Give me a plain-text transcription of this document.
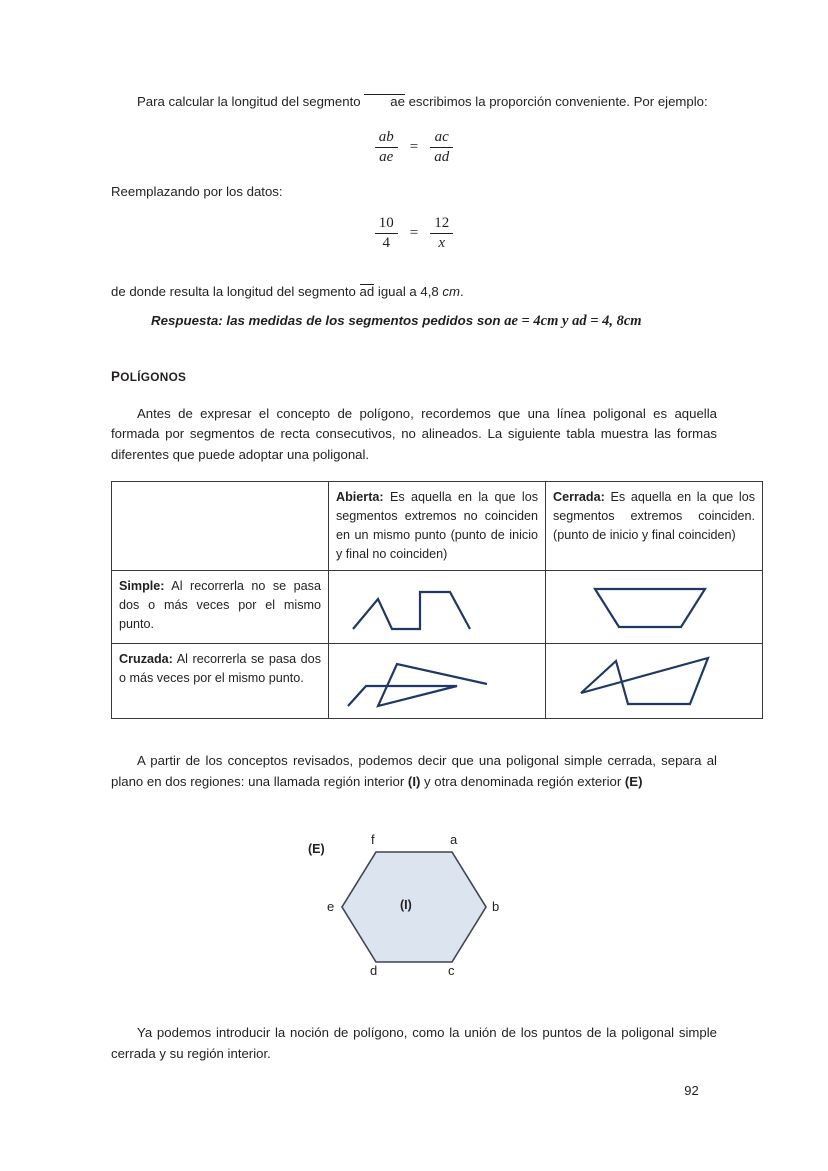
Para calcular la longitud del segmento ae escribimos la proporción conveniente. Por ejemplo:

$\frac{ab}{ae} = \frac{ac}{ad}$

Reemplazando por los datos:

$\frac{10}{4} = \frac{12}{x}$

de donde resulta la longitud del segmento ad igual a 4,8 cm.

Respuesta: las medidas de los segmentos pedidos son ae = 4cm y ad = 4, 8cm

POLÍGONOS

Antes de expresar el concepto de polígono, recordemos que una línea poligonal es aquella formada por segmentos de recta consecutivos, no alineados. La siguiente tabla muestra las formas diferentes que puede adoptar una poligonal.

	Abierta: Es aquella en la que los segmentos extremos no coinciden en un mismo punto (punto de inicio y final no coinciden)	Cerrada: Es aquella en la que los segmentos extremos coinciden. (punto de inicio y final coinciden)
Simple: Al recorrerla no se pasa dos o más veces por el mismo punto.	

Cruzada: Al recorrerla se pasa dos o más veces por el mismo punto.	

A partir de los conceptos revisados, podemos decir que una poligonal simple cerrada, separa al plano en dos regiones: una llamada región interior (I) y otra denominada región exterior (E)

(E)
(I)
f	a
b
c
d
e

Ya podemos introducir la noción de polígono, como la unión de los puntos de la poligonal simple cerrada y su región interior.

92
